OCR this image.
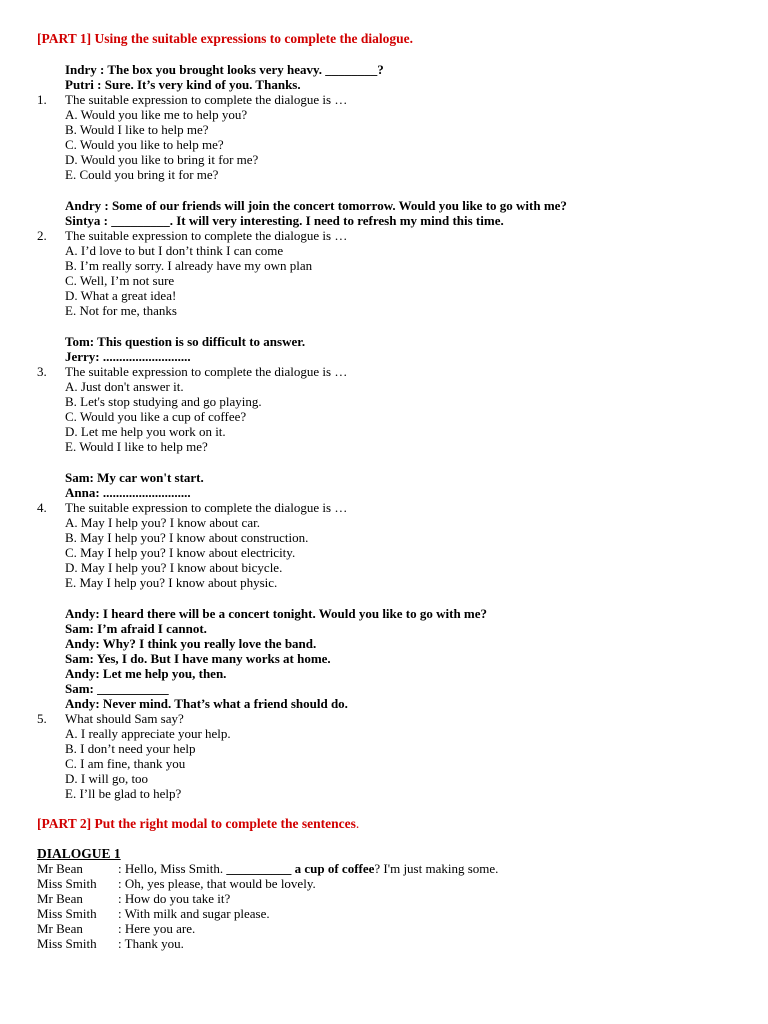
[PART 1] Using the suitable expressions to complete the dialogue.
Indry : The box you brought looks very heavy. ________?
Putri : Sure. It’s very kind of you. Thanks.
1. The suitable expression to complete the dialogue is …
A. Would you like me to help you?
B. Would I like to help me?
C. Would you like to help me?
D. Would you like to bring it for me?
E. Could you bring it for me?
Andry : Some of our friends will join the concert tomorrow. Would you like to go with me?
Sintya : _________. It will very interesting. I need to refresh my mind this time.
2. The suitable expression to complete the dialogue is …
A. I’d love to but I don’t think I can come
B. I’m really sorry. I already have my own plan
C. Well, I’m not sure
D. What a great idea!
E. Not for me, thanks
Tom: This question is so difficult to answer.
Jerry: ...........................
3. The suitable expression to complete the dialogue is …
A. Just don't answer it.
B. Let's stop studying and go playing.
C. Would you like a cup of coffee?
D. Let me help you work on it.
E. Would I like to help me?
Sam: My car won't start.
Anna: ...........................
4. The suitable expression to complete the dialogue is …
A. May I help you? I know about car.
B. May I help you? I know about construction.
C. May I help you? I know about electricity.
D. May I help you? I know about bicycle.
E. May I help you? I know about physic.
Andy: I heard there will be a concert tonight. Would you like to go with me?
Sam: I’m afraid I cannot.
Andy: Why? I think you really love the band.
Sam: Yes, I do. But I have many works at home.
Andy: Let me help you, then.
Sam: ___________
Andy: Never mind. That’s what a friend should do.
5. What should Sam say?
A. I really appreciate your help.
B. I don’t need your help
C. I am fine, thank you
D. I will go, too
E. I’ll be glad to help?
[PART 2] Put the right modal to complete the sentences.
DIALOGUE 1
Mr Bean	: Hello, Miss Smith. __________ a cup of coffee? I'm just making some.
Miss Smith : Oh, yes please, that would be lovely.
Mr Bean	: How do you take it?
Miss Smith : With milk and sugar please.
Mr Bean	: Here you are.
Miss Smith : Thank you.
